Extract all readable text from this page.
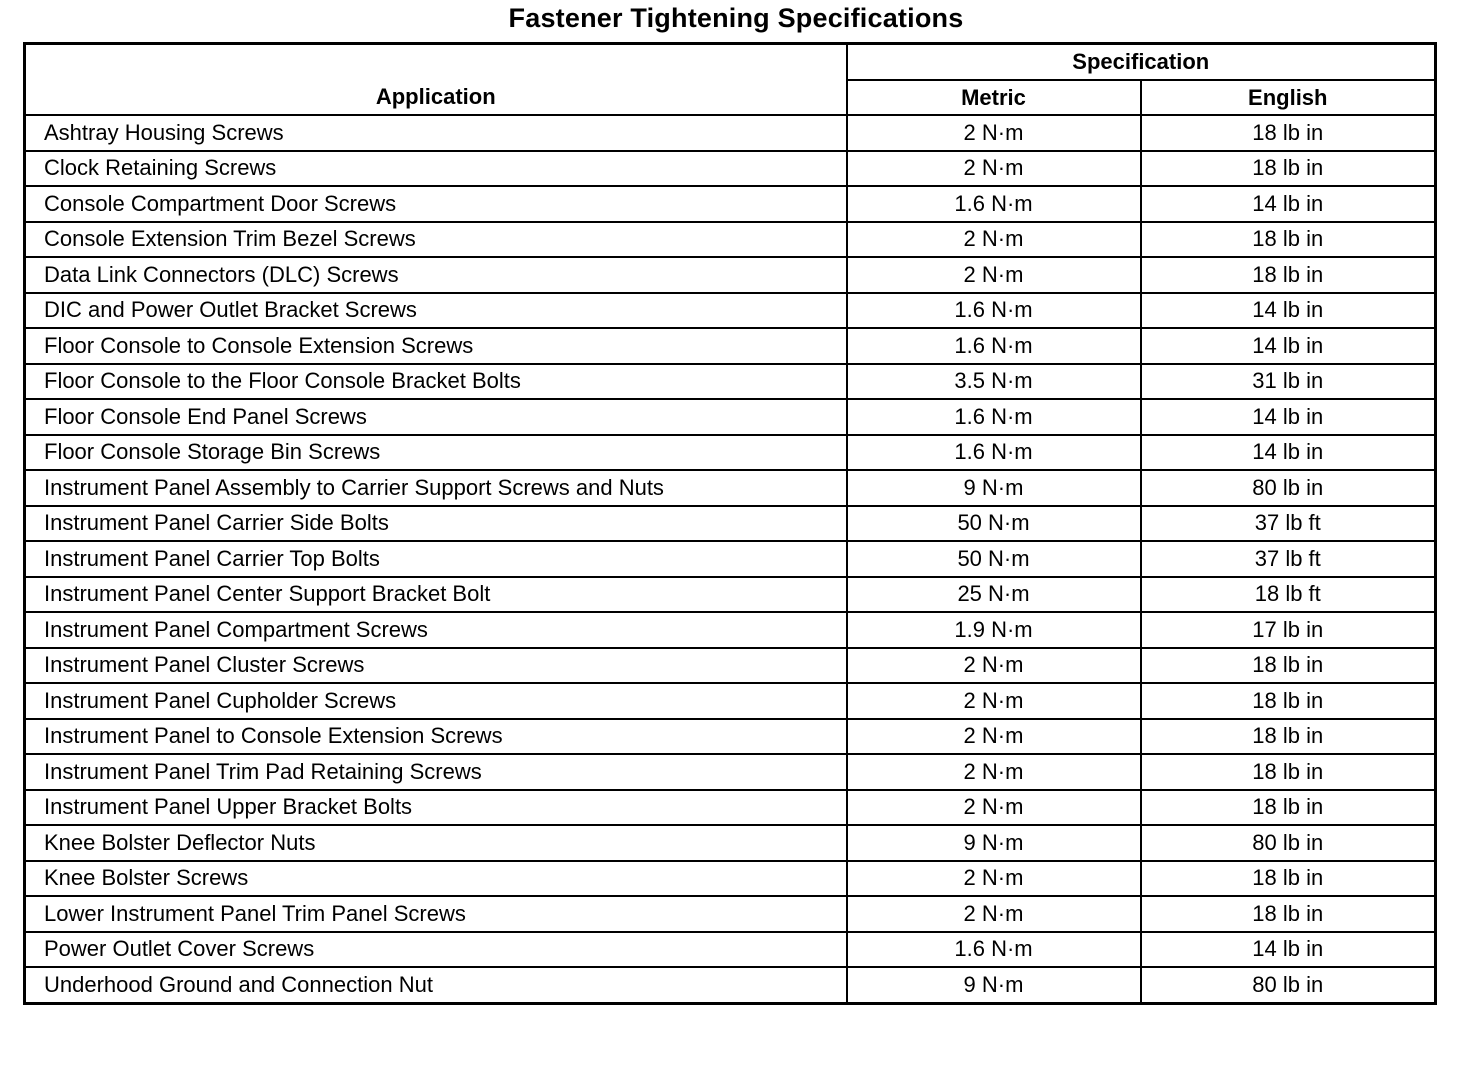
Fastener Tightening Specifications
Application	Specification	
	Metric	English
Ashtray Housing Screws	2 N·m	18 lb in
Clock Retaining Screws	2 N·m	18 lb in
Console Compartment Door Screws	1.6 N·m	14 lb in
Console Extension Trim Bezel Screws	2 N·m	18 lb in
Data Link Connectors (DLC) Screws	2 N·m	18 lb in
DIC and Power Outlet Bracket Screws	1.6 N·m	14 lb in
Floor Console to Console Extension Screws	1.6 N·m	14 lb in
Floor Console to the Floor Console Bracket Bolts	3.5 N·m	31 lb in
Floor Console End Panel Screws	1.6 N·m	14 lb in
Floor Console Storage Bin Screws	1.6 N·m	14 lb in
Instrument Panel Assembly to Carrier Support Screws and Nuts	9 N·m	80 lb in
Instrument Panel Carrier Side Bolts	50 N·m	37 lb ft
Instrument Panel Carrier Top Bolts	50 N·m	37 lb ft
Instrument Panel Center Support Bracket Bolt	25 N·m	18 lb ft
Instrument Panel Compartment Screws	1.9 N·m	17 lb in
Instrument Panel Cluster Screws	2 N·m	18 lb in
Instrument Panel Cupholder Screws	2 N·m	18 lb in
Instrument Panel to Console Extension Screws	2 N·m	18 lb in
Instrument Panel Trim Pad Retaining Screws	2 N·m	18 lb in
Instrument Panel Upper Bracket Bolts	2 N·m	18 lb in
Knee Bolster Deflector Nuts	9 N·m	80 lb in
Knee Bolster Screws	2 N·m	18 lb in
Lower Instrument Panel Trim Panel Screws	2 N·m	18 lb in
Power Outlet Cover Screws	1.6 N·m	14 lb in
Underhood Ground and Connection Nut	9 N·m	80 lb in
